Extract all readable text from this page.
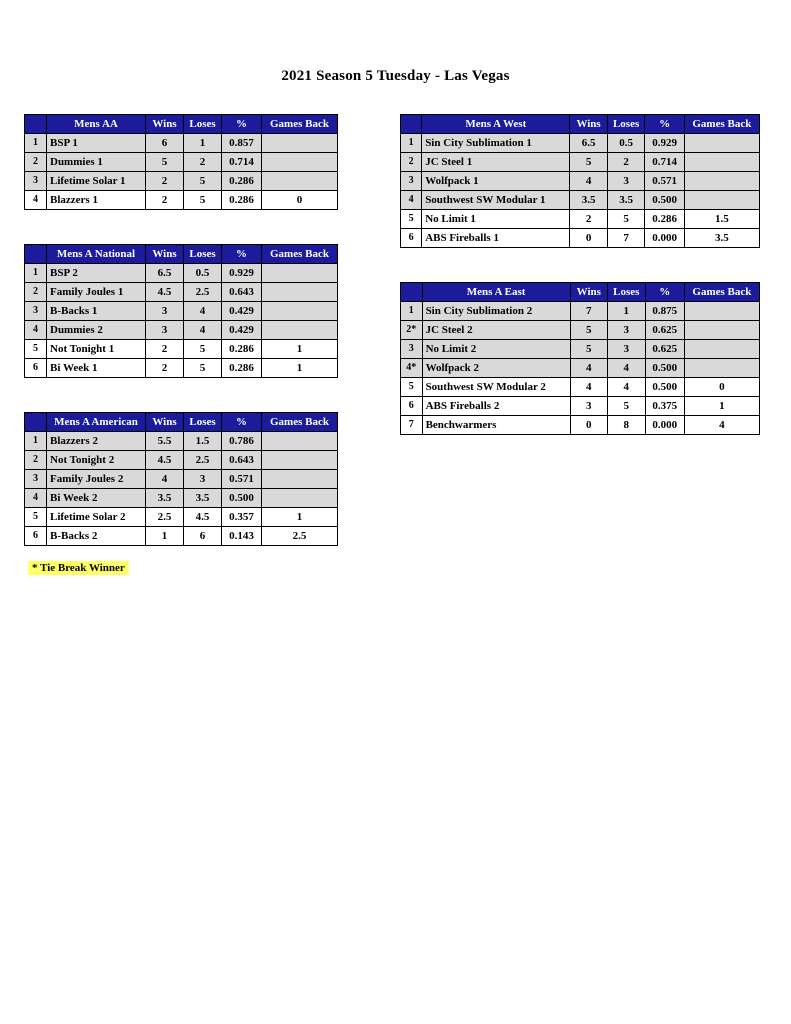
2021 Season 5 Tuesday - Las Vegas
	Mens AA	Wins	Loses	%	Games Back
1	BSP 1	6	1	0.857	
2	Dummies 1	5	2	0.714	
3	Lifetime Solar 1	2	5	0.286	
4	Blazzers 1	2	5	0.286	0
	Mens A National	Wins	Loses	%	Games Back
1	BSP 2	6.5	0.5	0.929	
2	Family Joules 1	4.5	2.5	0.643	
3	B-Backs 1	3	4	0.429	
4	Dummies 2	3	4	0.429	
5	Not Tonight 1	2	5	0.286	1
6	Bi Week 1	2	5	0.286	1
	Mens A American	Wins	Loses	%	Games Back
1	Blazzers 2	5.5	1.5	0.786	
2	Not Tonight 2	4.5	2.5	0.643	
3	Family Joules 2	4	3	0.571	
4	Bi Week 2	3.5	3.5	0.500	
5	Lifetime Solar 2	2.5	4.5	0.357	1
6	B-Backs 2	1	6	0.143	2.5
	Mens A West	Wins	Loses	%	Games Back
1	Sin City Sublimation 1	6.5	0.5	0.929	
2	JC Steel 1	5	2	0.714	
3	Wolfpack 1	4	3	0.571	
4	Southwest SW Modular 1	3.5	3.5	0.500	
5	No Limit 1	2	5	0.286	1.5
6	ABS Fireballs 1	0	7	0.000	3.5
	Mens A East	Wins	Loses	%	Games Back
1	Sin City Sublimation 2	7	1	0.875	
2*	JC Steel 2	5	3	0.625	
3	No Limit 2	5	3	0.625	
4*	Wolfpack 2	4	4	0.500	
5	Southwest SW Modular 2	4	4	0.500	0
6	ABS Fireballs 2	3	5	0.375	1
7	Benchwarmers	0	8	0.000	4
* Tie Break Winner
